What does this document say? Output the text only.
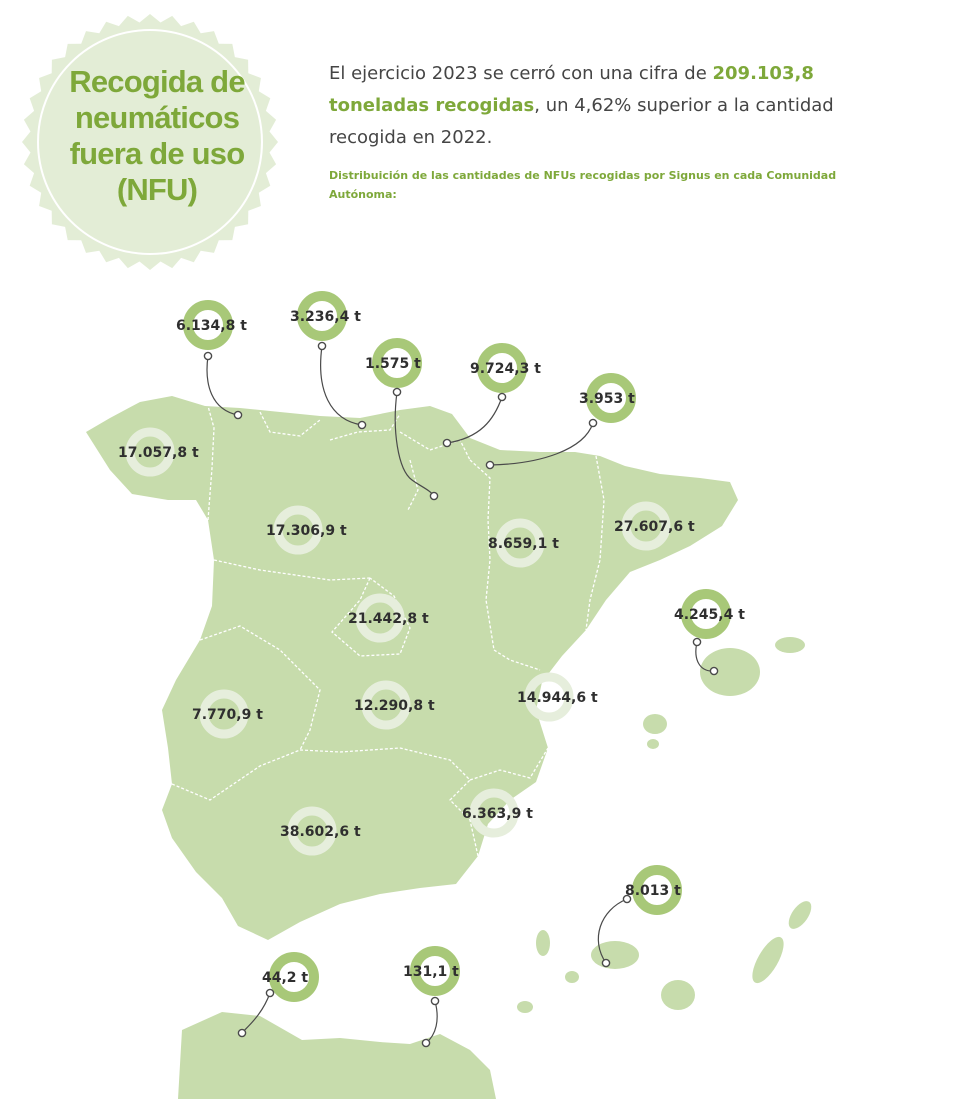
Recogida de
neumáticos
fuera de uso
(NFU)
El ejercicio 2023 se cerró con una cifra de 209.103,8 toneladas recogidas, un 4,62% superior a la cantidad recogida en 2022.
Distribuición de las cantidades de NFUs recogidas por Signus en cada Comunidad Autónoma:
6.134,8 t
3.236,4 t
9.724,3 t
1.575 t
3.953 t
17.057,8 t
17.306,9 t
8.659,1 t
27.607,6 t
21.442,8 t	4.245,4 t
7.770,9 t
12.290,8 t	14.944,6 t
6.363,9 t
38.602,6 t
8.013 t
44,2 t	131,1 t
